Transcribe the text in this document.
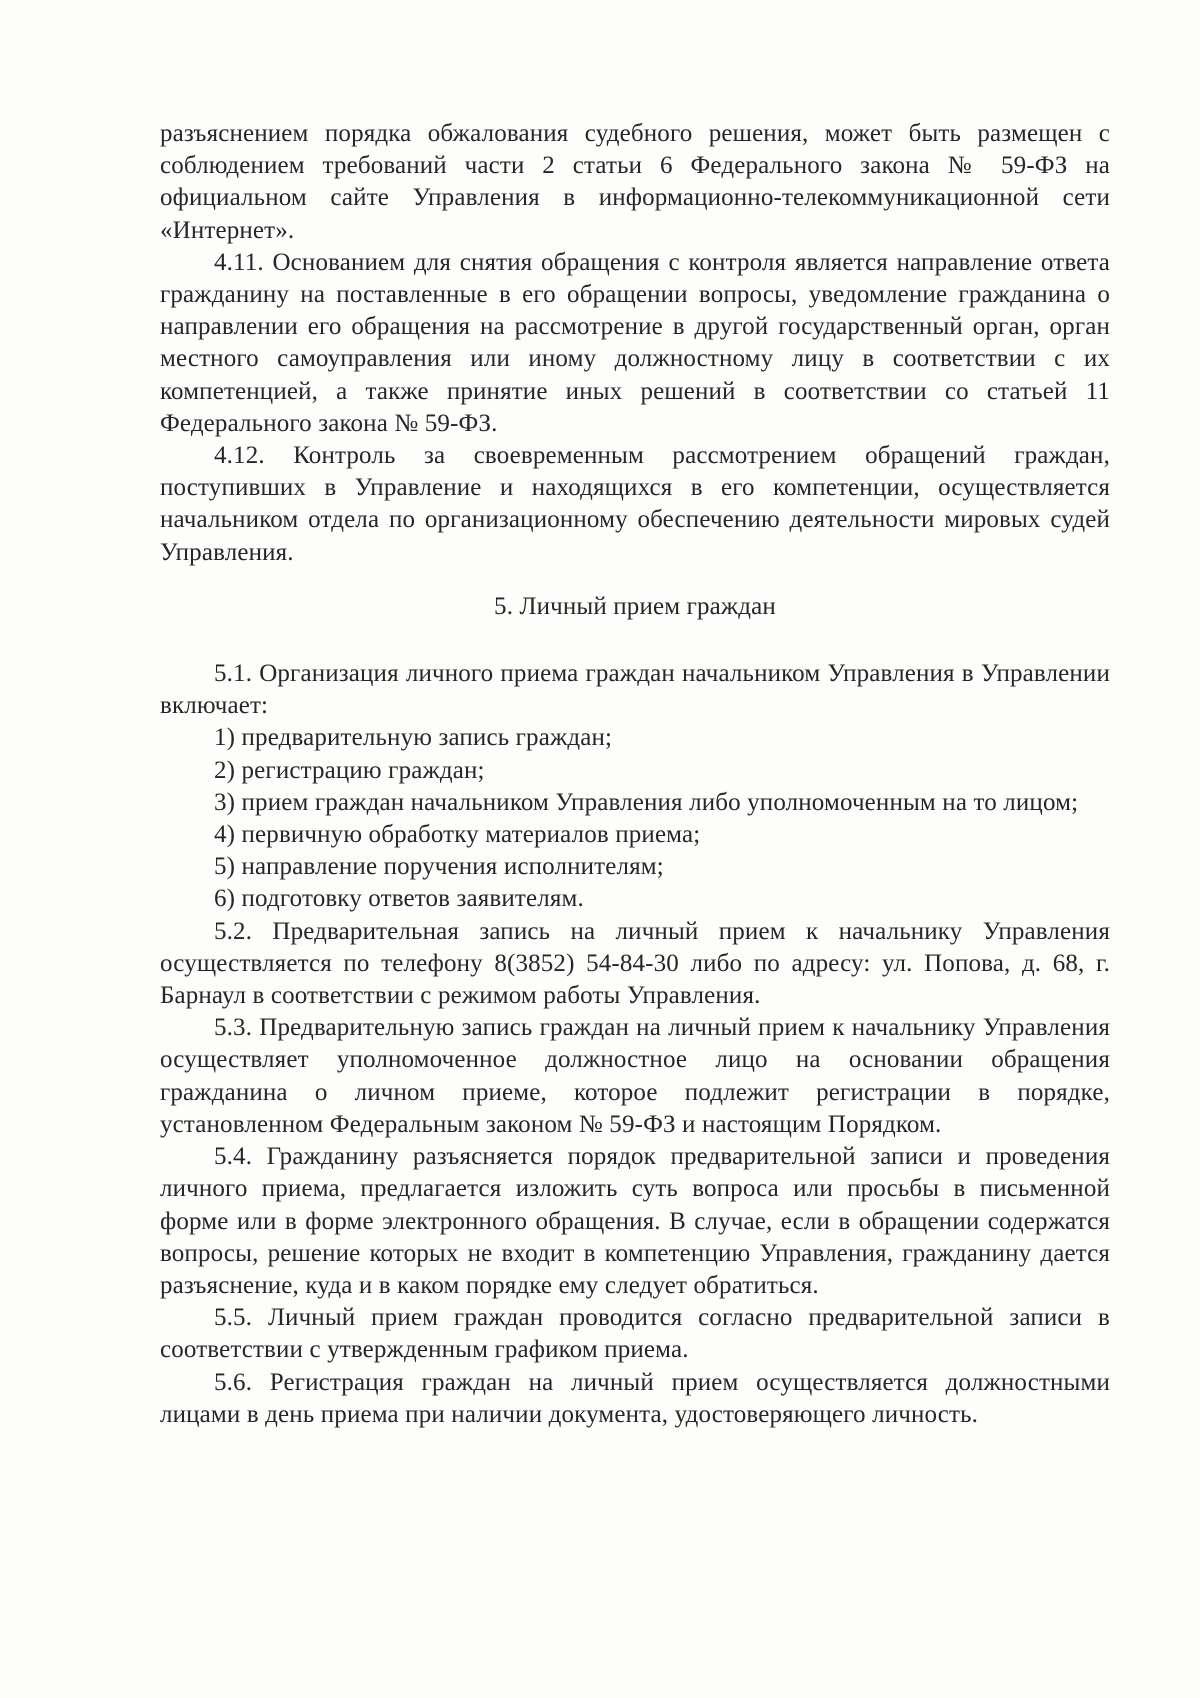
разъяснением порядка обжалования судебного решения, может быть размещен с соблюдением требований части 2 статьи 6 Федерального закона № 59-ФЗ на официальном сайте Управления в информационно-телекоммуникационной сети «Интернет».

4.11. Основанием для снятия обращения с контроля является направление ответа гражданину на поставленные в его обращении вопросы, уведомление гражданина о направлении его обращения на рассмотрение в другой государственный орган, орган местного самоуправления или иному должностному лицу в соответствии с их компетенцией, а также принятие иных решений в соответствии со статьей 11 Федерального закона № 59-ФЗ.

4.12. Контроль за своевременным рассмотрением обращений граждан, поступивших в Управление и находящихся в его компетенции, осуществляется начальником отдела по организационному обеспечению деятельности мировых судей Управления.

5. Личный прием граждан

5.1. Организация личного приема граждан начальником Управления в Управлении включает:

1) предварительную запись граждан;

2) регистрацию граждан;

3) прием граждан начальником Управления либо уполномоченным на то лицом;

4) первичную обработку материалов приема;

5) направление поручения исполнителям;

6) подготовку ответов заявителям.

5.2. Предварительная запись на личный прием к начальнику Управления осуществляется по телефону 8(3852) 54-84-30 либо по адресу: ул. Попова, д. 68, г. Барнаул в соответствии с режимом работы Управления.

5.3. Предварительную запись граждан на личный прием к начальнику Управления осуществляет уполномоченное должностное лицо на основании обращения гражданина о личном приеме, которое подлежит регистрации в порядке, установленном Федеральным законом № 59-ФЗ и настоящим Порядком.

5.4. Гражданину разъясняется порядок предварительной записи и проведения личного приема, предлагается изложить суть вопроса или просьбы в письменной форме или в форме электронного обращения. В случае, если в обращении содержатся вопросы, решение которых не входит в компетенцию Управления, гражданину дается разъяснение, куда и в каком порядке ему следует обратиться.

5.5. Личный прием граждан проводится согласно предварительной записи в соответствии с утвержденным графиком приема.

5.6. Регистрация граждан на личный прием осуществляется должностными лицами в день приема при наличии документа, удостоверяющего личность.
